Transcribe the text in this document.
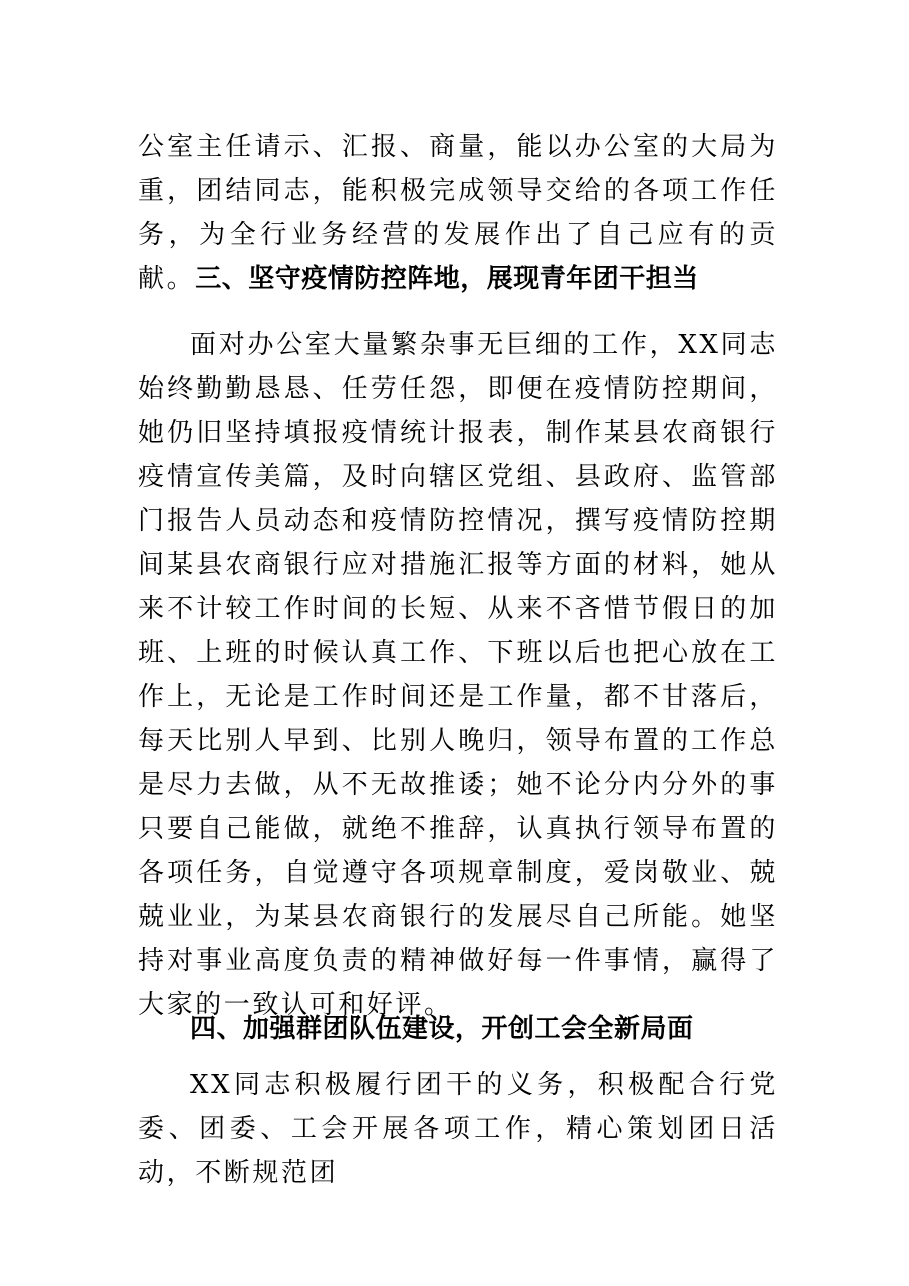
公室主任请示、汇报、商量，能以办公室的大局为重，团结同志，能积极完成领导交给的各项工作任务，为全行业务经营的发展作出了自己应有的贡献。三、坚守疫情防控阵地，展现青年团干担当
面对办公室大量繁杂事无巨细的工作，XX同志始终勤勤恳恳、任劳任怨，即便在疫情防控期间，她仍旧坚持填报疫情统计报表，制作某县农商银行疫情宣传美篇，及时向辖区党组、县政府、监管部门报告人员动态和疫情防控情况，撰写疫情防控期间某县农商银行应对措施汇报等方面的材料，她从来不计较工作时间的长短、从来不吝惜节假日的加班、上班的时候认真工作、下班以后也把心放在工作上，无论是工作时间还是工作量，都不甘落后，每天比别人早到、比别人晚归，领导布置的工作总是尽力去做，从不无故推诿；她不论分内分外的事只要自己能做，就绝不推辞，认真执行领导布置的各项任务，自觉遵守各项规章制度，爱岗敬业、兢兢业业，为某县农商银行的发展尽自己所能。她坚持对事业高度负责的精神做好每一件事情，赢得了大家的一致认可和好评。
四、加强群团队伍建设，开创工会全新局面
XX同志积极履行团干的义务，积极配合行党委、团委、工会开展各项工作，精心策划团日活动，不断规范团
